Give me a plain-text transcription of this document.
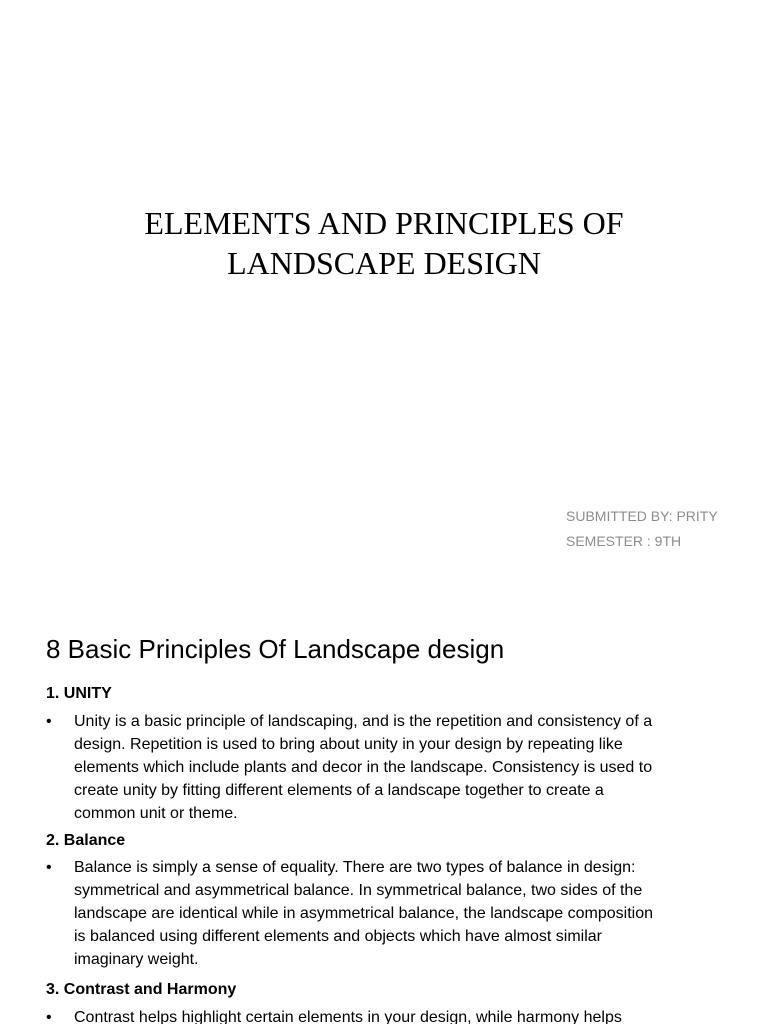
ELEMENTS AND PRINCIPLES OF
LANDSCAPE DESIGN
SUBMITTED BY: PRITY
SEMESTER : 9TH
8 Basic Principles Of Landscape design
1. UNITY
• Unity is a basic principle of landscaping, and is the repetition and consistency of a
design. Repetition is used to bring about unity in your design by repeating like
elements which include plants and decor in the landscape. Consistency is used to
create unity by fitting different elements of a landscape together to create a
common unit or theme.
2. Balance
• Balance is simply a sense of equality. There are two types of balance in design:
symmetrical and asymmetrical balance. In symmetrical balance, two sides of the
landscape are identical while in asymmetrical balance, the landscape composition
is balanced using different elements and objects which have almost similar
imaginary weight.
3. Contrast and Harmony
• Contrast helps highlight certain elements in your design, while harmony helps
